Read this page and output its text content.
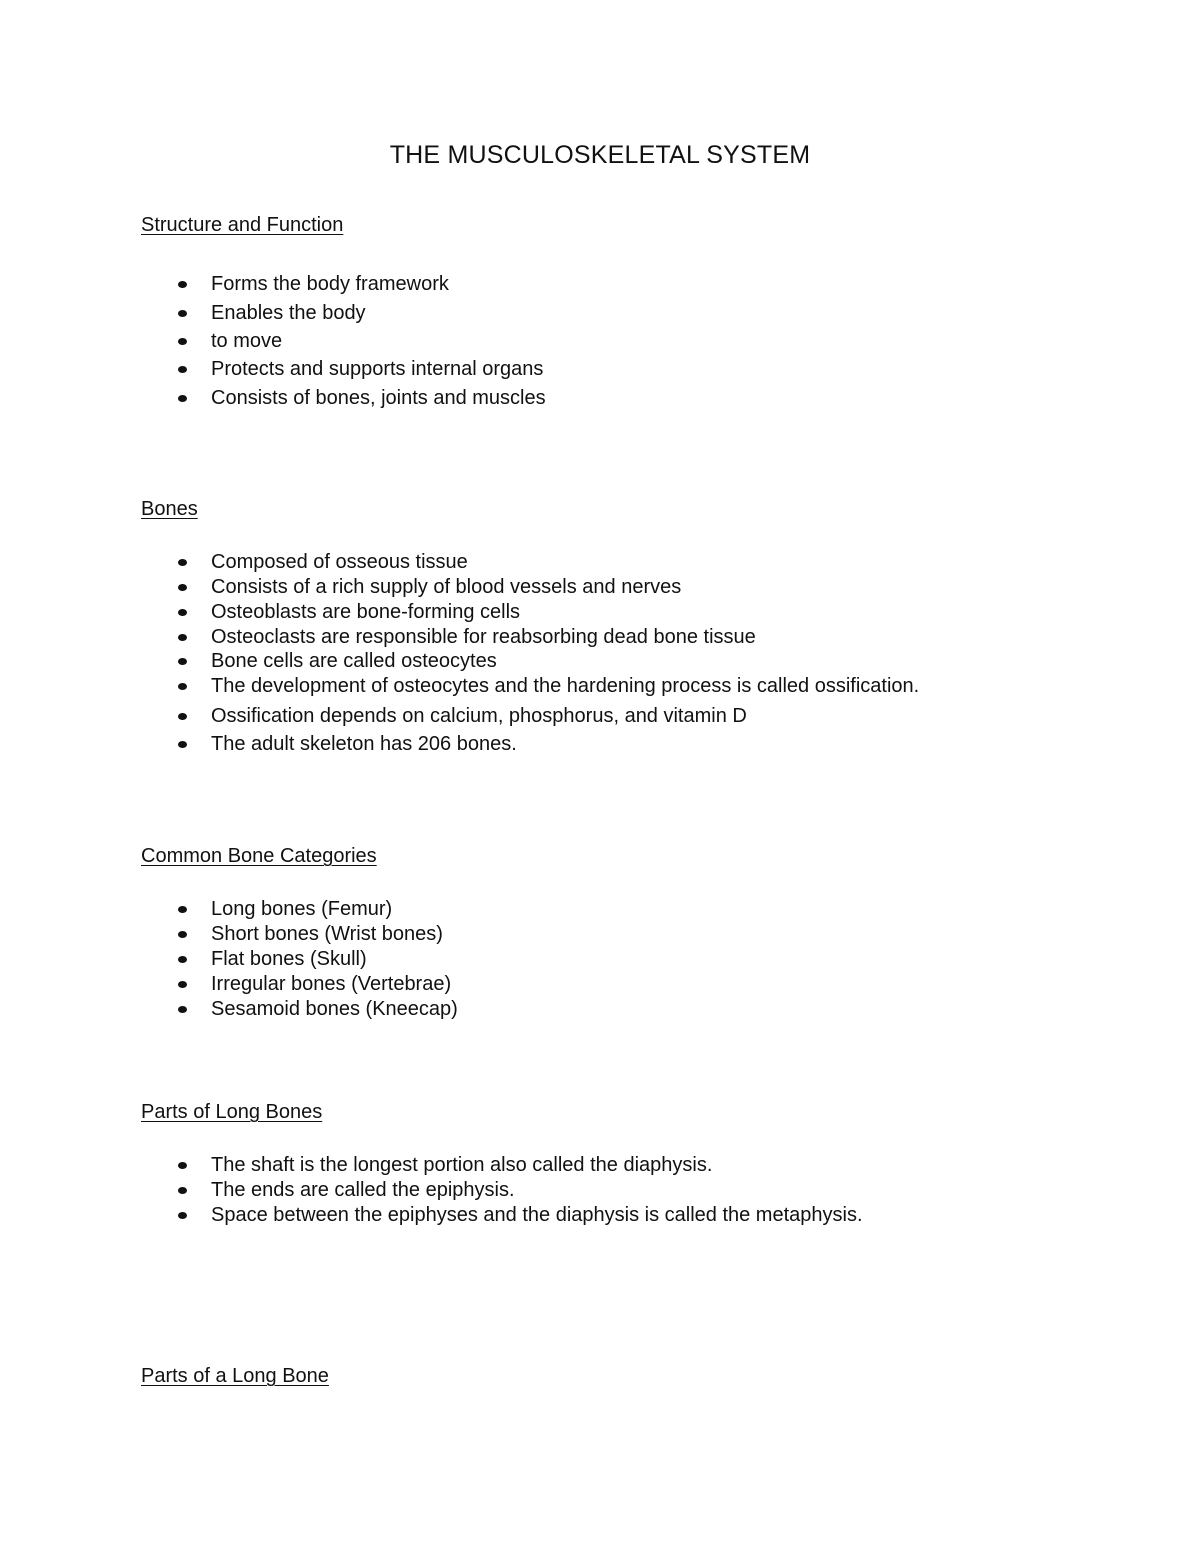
THE MUSCULOSKELETAL SYSTEM
Structure and Function
Forms the body framework
Enables the body
to move
Protects and supports internal organs
Consists of bones, joints and muscles
Bones
Composed of osseous tissue
Consists of a rich supply of blood vessels and nerves
Osteoblasts are bone-forming cells
Osteoclasts are responsible for reabsorbing dead bone tissue
Bone cells are called osteocytes
The development of osteocytes and the hardening process is called ossification.
Ossification depends on calcium, phosphorus, and vitamin D
The adult skeleton has 206 bones.
Common Bone Categories
Long bones (Femur)
Short bones (Wrist bones)
Flat bones (Skull)
Irregular bones (Vertebrae)
Sesamoid bones (Kneecap)
Parts of Long Bones
The shaft is the longest portion also called the diaphysis.
The ends are called the epiphysis.
Space between the epiphyses and the diaphysis is called the metaphysis.
Parts of a Long Bone
